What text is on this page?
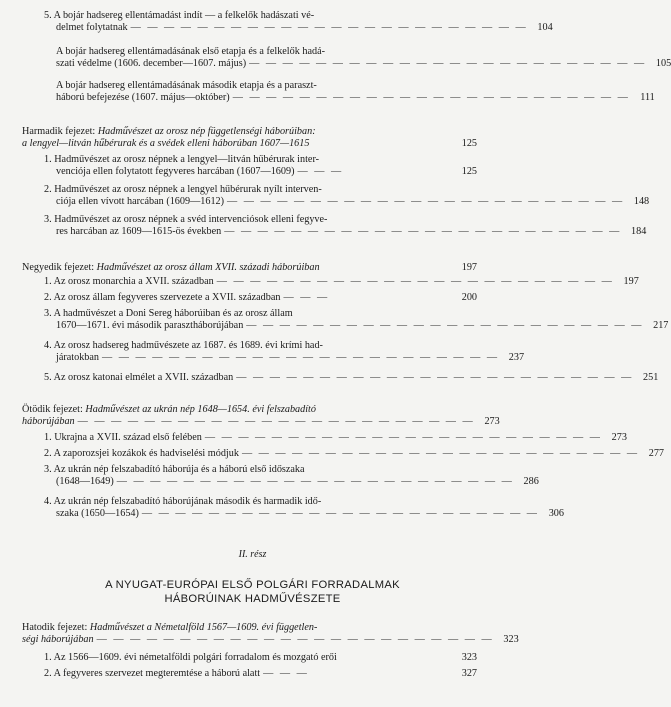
5. A bojár hadsereg ellentámadást indít — a felkelők hadászati vé-
delmet folytatnak — — — — — — — — — — — — — — — — — — — — — — — — 104
A bojár hadsereg ellentámadásának első etapja és a felkelők hadá-
szati védelme (1606. december—1607. május) — — — — — — — — — — — — — — — — — — — — — — — — 105
A bojár hadsereg ellentámadásának második etapja és a paraszt-
háború befejezése (1607. május—október) — — — — — — — — — — — — — — — — — — — — — — — —	111
Harmadik fejezet: Hadművészet az orosz nép függetlenségi háborúiban:
a lengyel—litván hűbérurak és a svédek elleni háborúban 1607—1615	125
1. Hadművészet az orosz népnek a lengyel—litván hűbérurak inter-
venciója ellen folytatott fegyveres harcában (1607—1609) — — —	125
2. Hadművészet az orosz népnek a lengyel hűbérurak nyílt interven-
ciója ellen vívott harcában (1609—1612) — — — — — — — — — — — — — — — — — — — — — — — — 148
3. Hadművészet az orosz népnek a svéd intervenciósok elleni fegyve-
res harcában az 1609—1615-ös években — — — — — — — — — — — — — — — — — — — — — — — — 184
Negyedik fejezet: Hadművészet az orosz állam XVII. századi háborúiban	197
1. Az orosz monarchia a XVII. században — — — — — — — — — — — — — — — — — — — — — — — — 197
2. Az orosz állam fegyveres szervezete a XVII. században — — —	200
3. A hadművészet a Doni Sereg háborúiban és az orosz állam
1670—1671. évi második parasztháborújában — — — — — — — — — — — — — — — — — — — — — — — — 217
4. Az orosz hadsereg hadművészete az 1687. és 1689. évi krími had-
járatokban — — — — — — — — — — — — — — — — — — — — — — — — 237
5. Az orosz katonai elmélet a XVII. században — — — — — — — — — — — — — — — — — — — — — — — — 251
Ötödik fejezet: Hadművészet az ukrán nép 1648—1654. évi felszabadító
háborújában — — — — — — — — — — — — — — — — — — — — — — — — 273
1. Ukrajna a XVII. század első felében — — — — — — — — — — — — — — — — — — — — — — — — 273
2. A zaporozsjei kozákok és hadviselési módjuk — — — — — — — — — — — — — — — — — — — — — — — — 277
3. Az ukrán nép felszabadító háborúja és a háború első időszaka
(1648—1649) — — — — — — — — — — — — — — — — — — — — — — — — 286
4. Az ukrán nép felszabadító háborújának második és harmadik idő-
szaka (1650—1654) — — — — — — — — — — — — — — — — — — — — — — — — 306
II. rész
A NYUGAT-EURÓPAI ELSŐ POLGÁRI FORRADALMAK
HÁBORÚINAK HADMŰVÉSZETE
Hatodik fejezet: Hadművészet a Németalföld 1567—1609. évi független-
ségi háborújában — — — — — — — — — — — — — — — — — — — — — — — — 323
1. Az 1566—1609. évi németalföldi polgári forradalom és mozgató erői	323
2. A fegyveres szervezet megteremtése a háború alatt — — —	327
